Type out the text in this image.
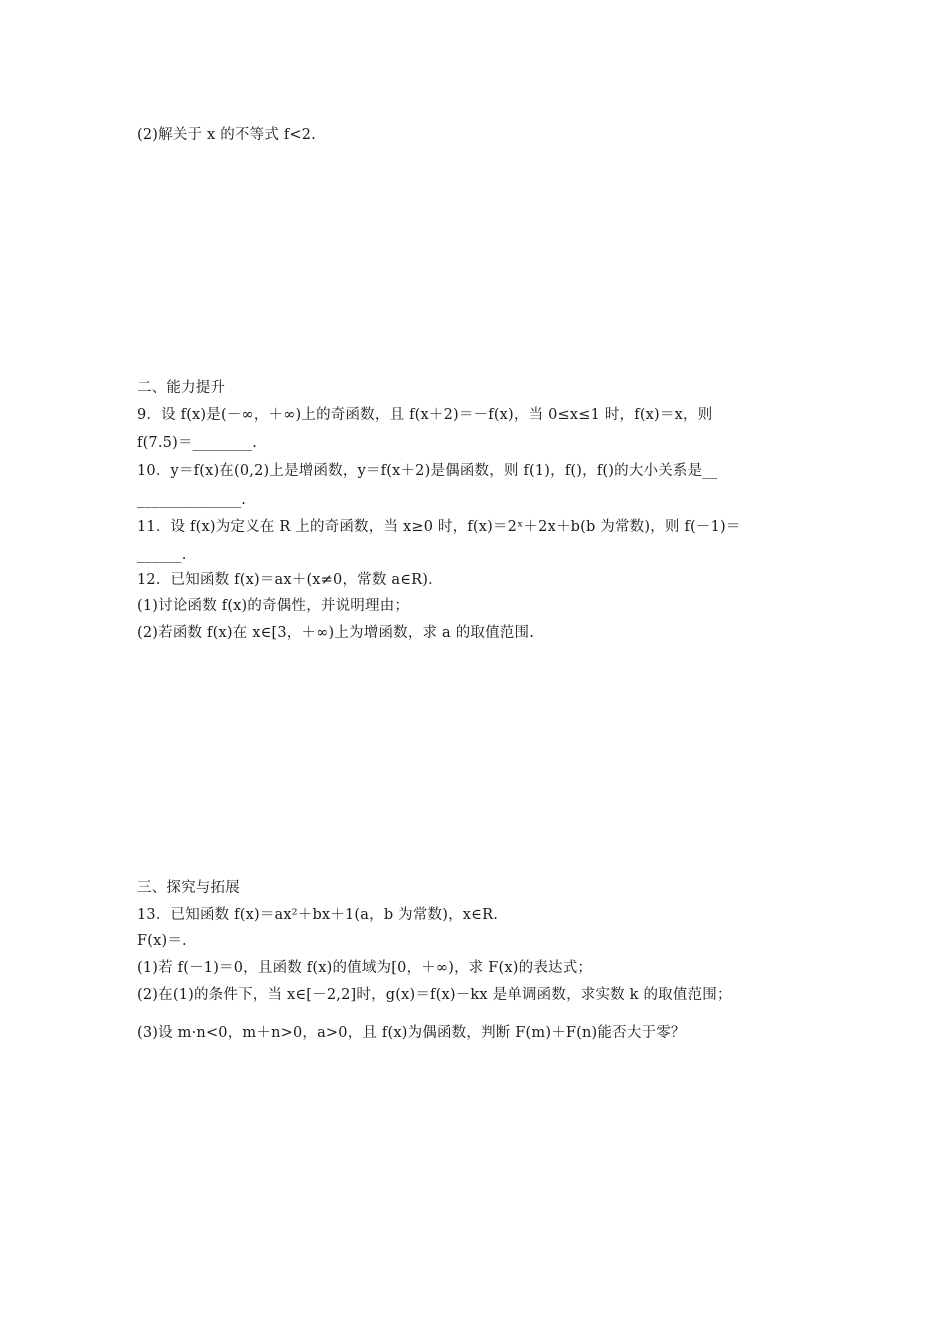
(2)解关于 x 的不等式 f<2.
二、能力提升
9．设 f(x)是(－∞，＋∞)上的奇函数，且 f(x＋2)＝－f(x)，当 0≤x≤1 时，f(x)＝x，则
f(7.5)＝________.
10．y＝f(x)在(0,2)上是增函数，y＝f(x＋2)是偶函数，则 f(1)，f()，f()的大小关系是__
______________.
11．设 f(x)为定义在 R 上的奇函数，当 x≥0 时，f(x)＝2ˣ＋2x＋b(b 为常数)，则 f(－1)＝
______.
12．已知函数 f(x)＝ax＋(x≠0，常数 a∈R)．
(1)讨论函数 f(x)的奇偶性，并说明理由；
(2)若函数 f(x)在 x∈[3，＋∞)上为增函数，求 a 的取值范围.
三、探究与拓展
13．已知函数 f(x)＝ax²＋bx＋1(a，b 为常数)，x∈R.
F(x)＝.
(1)若 f(－1)＝0，且函数 f(x)的值域为[0，＋∞)，求 F(x)的表达式；
(2)在(1)的条件下，当 x∈[－2,2]时，g(x)＝f(x)－kx 是单调函数，求实数 k 的取值范围；
(3)设 m·n<0，m＋n>0，a>0，且 f(x)为偶函数，判断 F(m)＋F(n)能否大于零？
